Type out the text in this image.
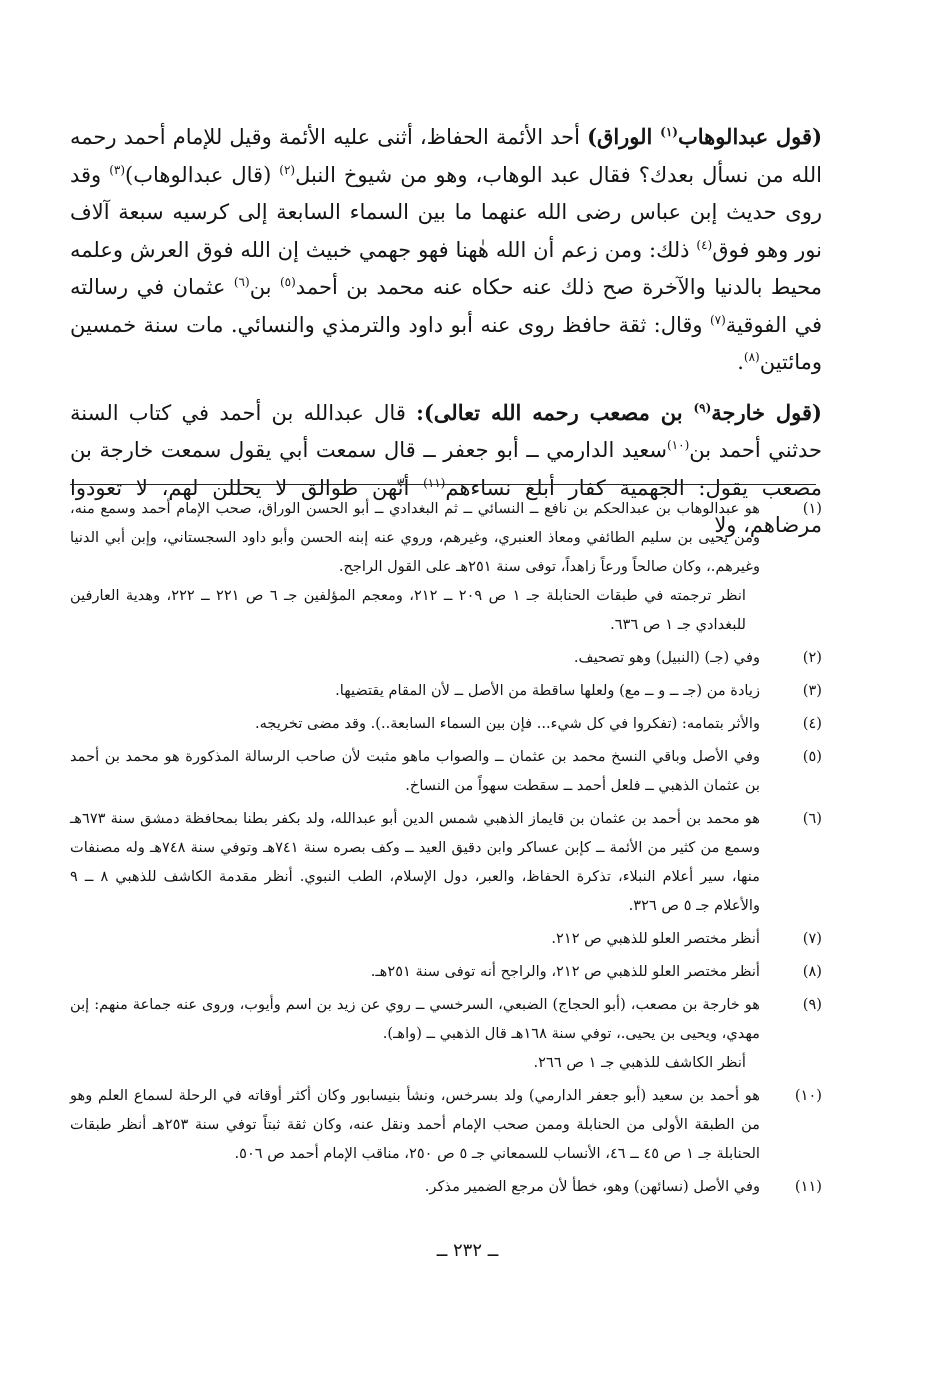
(قول عبدالوهاب$^{(١)}$ الوراق) أحد الأئمة الحفاظ، أثنى عليه الأئمة وقيل للإمام أحمد رحمه الله من نسأل بعدك؟ فقال عبد الوهاب، وهو من شيوخ النبل$^{(٢)}$ (قال عبدالوهاب)$^{(٣)}$ وقد روى حديث إبن عباس رضى الله عنهما ما بين السماء السابعة إلى كرسيه سبعة آلاف نور وهو فوق$^{(٤)}$ ذلك: ومن زعم أن الله هٰهنا فهو جهمي خبيث إن الله فوق العرش وعلمه محيط بالدنيا والآخرة صح ذلك عنه حكاه عنه محمد بن أحمد$^{(٥)}$ بن$^{(٦)}$ عثمان في رسالته في الفوقية$^{(٧)}$ وقال: ثقة حافظ روى عنه أبو داود والترمذي والنسائي. مات سنة خمسين ومائتين$^{(٨)}$.

(قول خارجة$^{(٩)}$ بن مصعب رحمه الله تعالى): قال عبدالله بن أحمد في كتاب السنة حدثني أحمد بن$^{(١٠)}$سعيد الدارمي ــ أبو جعفر ــ قال سمعت أبي يقول سمعت خارجة بن مصعب يقول: الجهمية كفار أبلغ نساءهم$^{(١١)}$ أنّهن طوالق لا يحللن لهم، لا تعودوا مرضاهم، ولا

(١)
هو عبدالوهاب بن عبدالحكم بن نافع ــ النسائي ــ ثم البغدادي ــ أبو الحسن الوراق، صحب الإمام أحمد وسمع منه، ومن يحيى بن سليم الطائفي ومعاذ العنبري، وغيرهم، وروي عنه إبنه الحسن وأبو داود السجستاني، وإبن أبي الدنيا وغيرهم.، وكان صالحاً ورعاً زاهداً، توفى سنة ٢٥١هـ على القول الراجح.
انظر ترجمته في طبقات الحنابلة جـ ١ ص ٢٠٩ ــ ٢١٢، ومعجم المؤلفين جـ ٦ ص ٢٢١ ــ ٢٢٢، وهدية العارفين للبغدادي جـ ١ ص ٦٣٦.
(٢)
وفي (جـ) (النبيل) وهو تصحيف.
(٣)
زيادة من (جـ ــ و ــ مع) ولعلها ساقطة من الأصل ــ لأن المقام يقتضيها.
(٤)
والأثر بتمامه: (تفكروا في كل شيء... فإن بين السماء السابعة..). وقد مضى تخريجه.
(٥)
وفي الأصل وباقي النسخ محمد بن عثمان ــ والصواب ماهو مثبت لأن صاحب الرسالة المذكورة هو محمد بن أحمد بن عثمان الذهبي ــ فلعل أحمد ــ سقطت سهواً من النساخ.
(٦)
هو محمد بن أحمد بن عثمان بن قايماز الذهبي شمس الدين أبو عبدالله، ولد بكفر بطنا بمحافظة دمشق سنة ٦٧٣هـ وسمع من كثير من الأئمة ــ كإبن عساكر وابن دقيق العيد ــ وكف بصره سنة ٧٤١هـ وتوفي سنة ٧٤٨هـ وله مصنفات منها، سير أعلام النبلاء، تذكرة الحفاظ، والعبر، دول الإسلام، الطب النبوي. أنظر مقدمة الكاشف للذهبي ٨ ــ ٩ والأعلام جـ ٥ ص ٣٢٦.
(٧)
أنظر مختصر العلو للذهبي ص ٢١٢.
(٨)
أنظر مختصر العلو للذهبي ص ٢١٢، والراجح أنه توفى سنة ٢٥١هـ.
(٩)
هو خارجة بن مصعب، (أبو الحجاج) الضبعي، السرخسي ــ روي عن زيد بن اسم وأيوب، وروى عنه جماعة منهم: إبن مهدي، ويحيى بن يحيى.، توفي سنة ١٦٨هـ قال الذهبي ــ (واهـ).
أنظر الكاشف للذهبي جـ ١ ص ٢٦٦.
(١٠)
هو أحمد بن سعيد (أبو جعفر الدارمي) ولد بسرخس، ونشأ بنيسابور وكان أكثر أوقاته في الرحلة لسماع العلم وهو من الطبقة الأولى من الحنابلة وممن صحب الإمام أحمد ونقل عنه، وكان ثقة ثبتاً توفي سنة ٢٥٣هـ أنظر طبقات الحنابلة جـ ١ ص ٤٥ ــ ٤٦، الأنساب للسمعاني جـ ٥ ص ٢٥٠، مناقب الإمام أحمد ص ٥٠٦.
(١١)
وفي الأصل (نسائهن) وهو، خطأ لأن مرجع الضمير مذكر.
ــ ٢٣٢ ــ
